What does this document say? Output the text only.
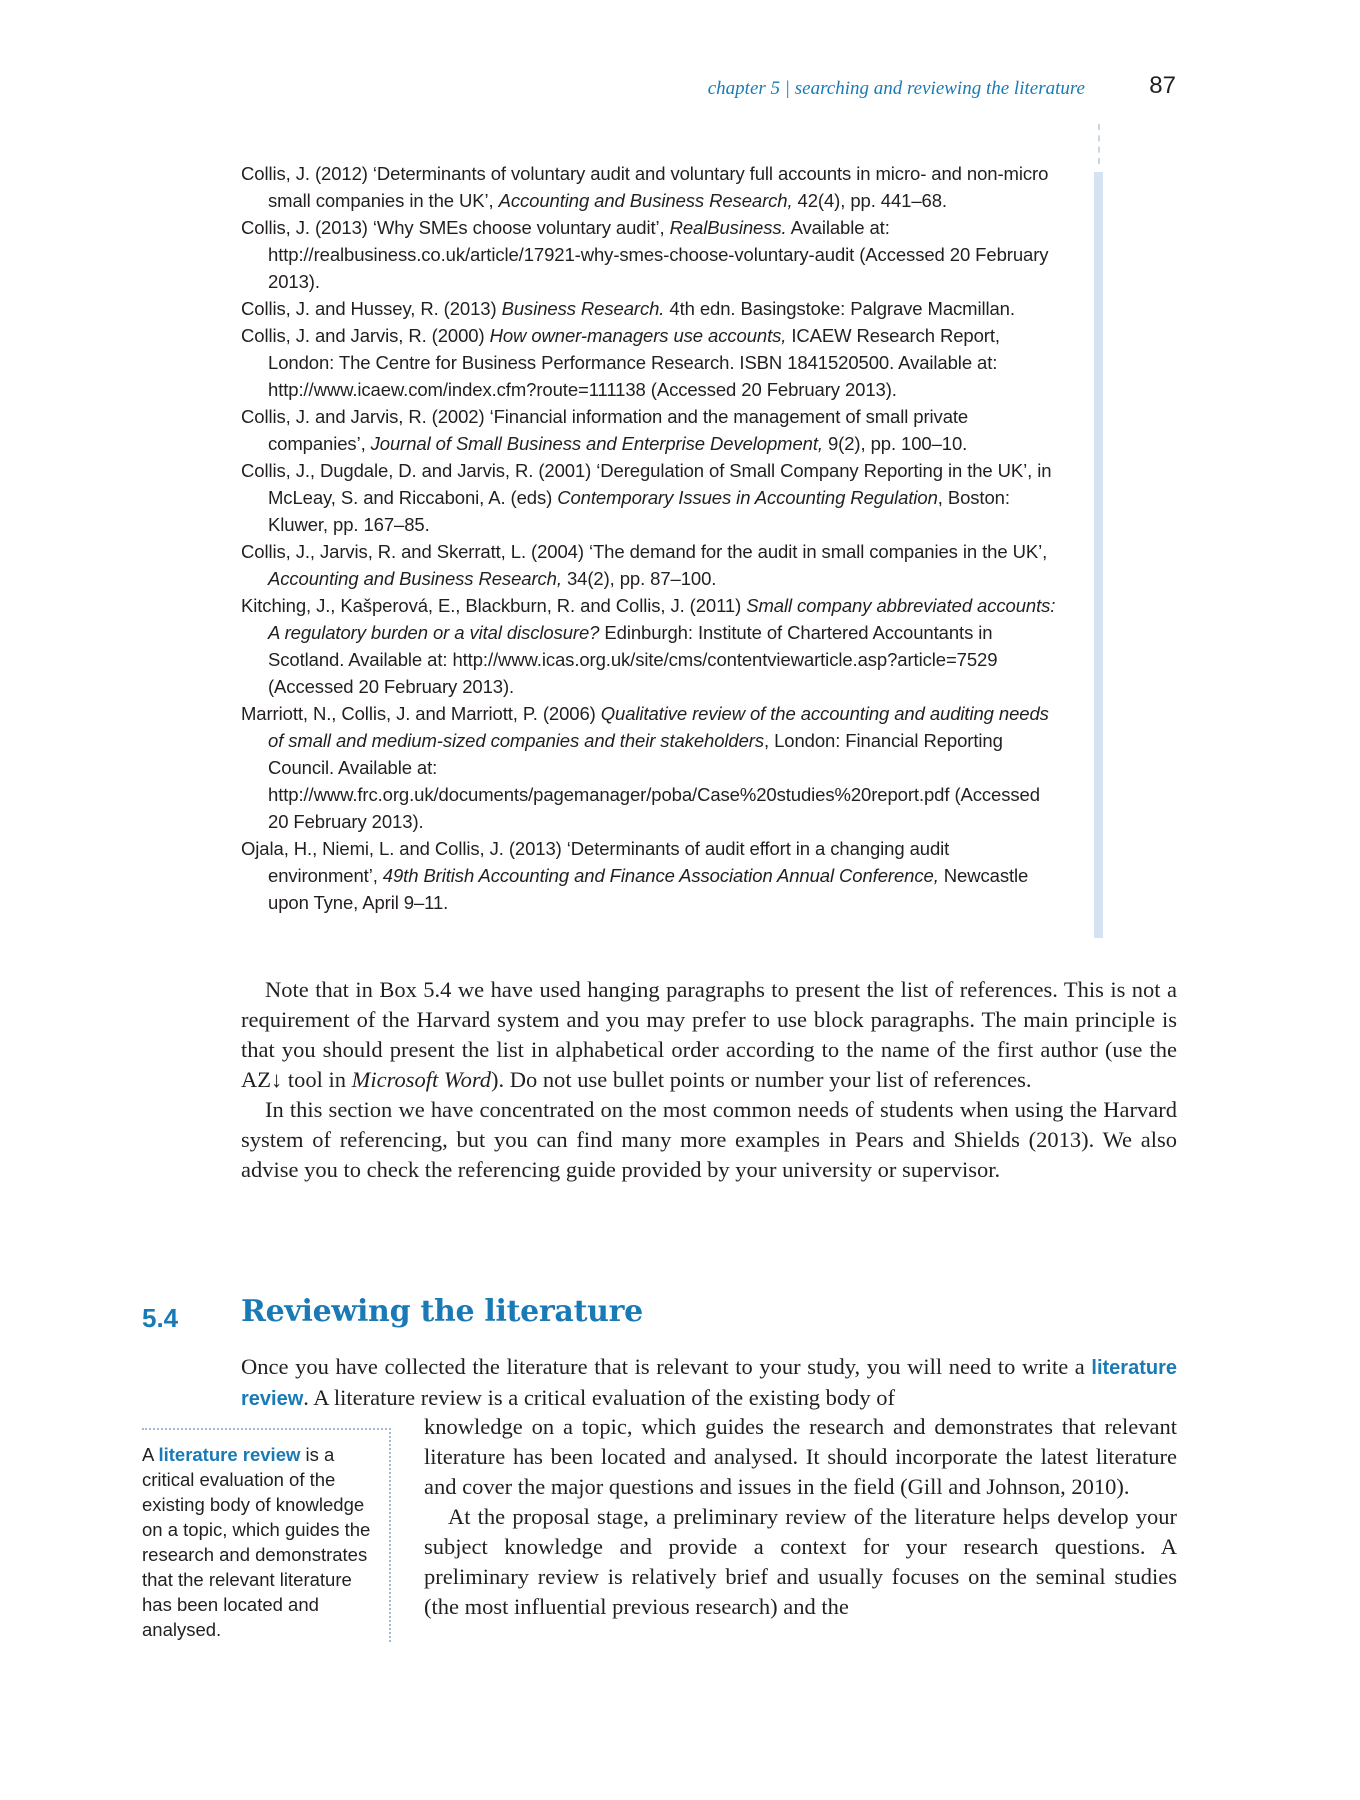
chapter 5 | searching and reviewing the literature	87
Collis, J. (2012) ‘Determinants of voluntary audit and voluntary full accounts in micro- and non-micro small companies in the UK’, Accounting and Business Research, 42(4), pp. 441–68.
Collis, J. (2013) ‘Why SMEs choose voluntary audit’, RealBusiness. Available at: http://realbusiness.co.uk/article/17921-why-smes-choose-voluntary-audit (Accessed 20 February 2013).
Collis, J. and Hussey, R. (2013) Business Research. 4th edn. Basingstoke: Palgrave Macmillan.
Collis, J. and Jarvis, R. (2000) How owner-managers use accounts, ICAEW Research Report, London: The Centre for Business Performance Research. ISBN 1841520500. Available at: http://www.icaew.com/index.cfm?route=111138 (Accessed 20 February 2013).
Collis, J. and Jarvis, R. (2002) ‘Financial information and the management of small private companies’, Journal of Small Business and Enterprise Development, 9(2), pp. 100–10.
Collis, J., Dugdale, D. and Jarvis, R. (2001) ‘Deregulation of Small Company Reporting in the UK’, in McLeay, S. and Riccaboni, A. (eds) Contemporary Issues in Accounting Regulation, Boston: Kluwer, pp. 167–85.
Collis, J., Jarvis, R. and Skerratt, L. (2004) ‘The demand for the audit in small companies in the UK’, Accounting and Business Research, 34(2), pp. 87–100.
Kitching, J., Kašperová, E., Blackburn, R. and Collis, J. (2011) Small company abbreviated accounts: A regulatory burden or a vital disclosure? Edinburgh: Institute of Chartered Accountants in Scotland. Available at: http://www.icas.org.uk/site/cms/contentviewarticle.asp?article=7529 (Accessed 20 February 2013).
Marriott, N., Collis, J. and Marriott, P. (2006) Qualitative review of the accounting and auditing needs of small and medium-sized companies and their stakeholders, London: Financial Reporting Council. Available at: http://www.frc.org.uk/documents/pagemanager/poba/Case%20studies%20report.pdf (Accessed 20 February 2013).
Ojala, H., Niemi, L. and Collis, J. (2013) ‘Determinants of audit effort in a changing audit environment’, 49th British Accounting and Finance Association Annual Conference, Newcastle upon Tyne, April 9–11.

Note that in Box 5.4 we have used hanging paragraphs to present the list of references. This is not a requirement of the Harvard system and you may prefer to use block paragraphs. The main principle is that you should present the list in alphabetical order according to the name of the first author (use the AZ↓ tool in Microsoft Word). Do not use bullet points or number your list of references.

In this section we have concentrated on the most common needs of students when using the Harvard system of referencing, but you can find many more examples in Pears and Shields (2013). We also advise you to check the referencing guide provided by your university or supervisor.

5.4 Reviewing the literature

Once you have collected the literature that is relevant to your study, you will need to write a literature review. A literature review is a critical evaluation of the existing body of

knowledge on a topic, which guides the research and demonstrates that relevant literature has been located and analysed. It should incorporate the latest literature and cover the major questions and issues in the field (Gill and Johnson, 2010).

At the proposal stage, a preliminary review of the literature helps develop your subject knowledge and provide a context for your research questions. A preliminary review is relatively brief and usually focuses on the seminal studies (the most influential previous research) and the

A literature review is a critical evaluation of the existing body of knowledge on a topic, which guides the research and demonstrates that the relevant literature has been located and analysed.
